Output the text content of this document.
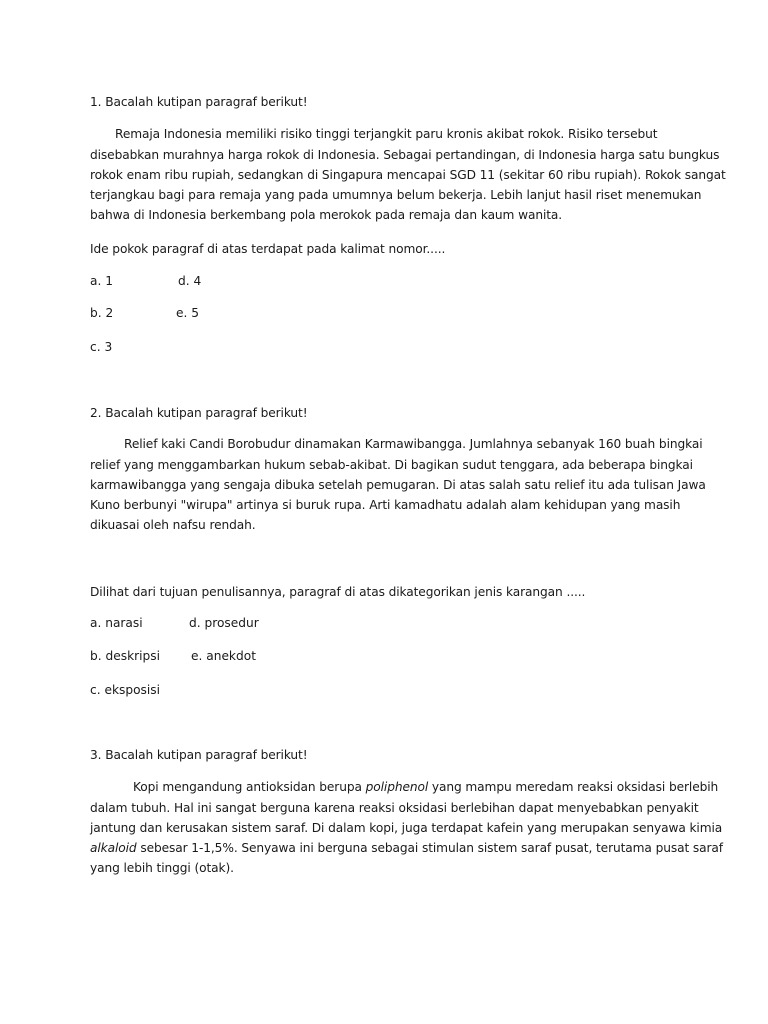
1. Bacalah kutipan paragraf berikut!

Remaja Indonesia memiliki risiko tinggi terjangkit paru kronis akibat rokok. Risiko tersebut

disebabkan murahnya harga rokok di Indonesia. Sebagai pertandingan, di Indonesia harga satu bungkus

rokok enam ribu rupiah, sedangkan di Singapura mencapai SGD 11 (sekitar 60 ribu rupiah). Rokok sangat

terjangkau bagi para remaja yang pada umumnya belum bekerja. Lebih lanjut hasil riset menemukan

bahwa di Indonesia berkembang pola merokok pada remaja dan kaum wanita.

Ide pokok paragraf di atas terdapat pada kalimat nomor.....

a. 1	d. 4

b. 2	e. 5

c. 3

2. Bacalah kutipan paragraf berikut!

Relief kaki Candi Borobudur dinamakan Karmawibangga. Jumlahnya sebanyak 160 buah bingkai

relief yang menggambarkan hukum sebab-akibat. Di bagikan sudut tenggara, ada beberapa bingkai

karmawibangga yang sengaja dibuka setelah pemugaran. Di atas salah satu relief itu ada tulisan Jawa

Kuno berbunyi "wirupa" artinya si buruk rupa. Arti kamadhatu adalah alam kehidupan yang masih

dikuasai oleh nafsu rendah.

Dilihat dari tujuan penulisannya, paragraf di atas dikategorikan jenis karangan .....

a. narasi	d. prosedur

b. deskripsi	e. anekdot

c. eksposisi

3. Bacalah kutipan paragraf berikut!

Kopi mengandung antioksidan berupa poliphenol yang mampu meredam reaksi oksidasi berlebih

dalam tubuh. Hal ini sangat berguna karena reaksi oksidasi berlebihan dapat menyebabkan penyakit

jantung dan kerusakan sistem saraf. Di dalam kopi, juga terdapat kafein yang merupakan senyawa kimia

alkaloid sebesar 1-1,5%. Senyawa ini berguna sebagai stimulan sistem saraf pusat, terutama pusat saraf

yang lebih tinggi (otak).
